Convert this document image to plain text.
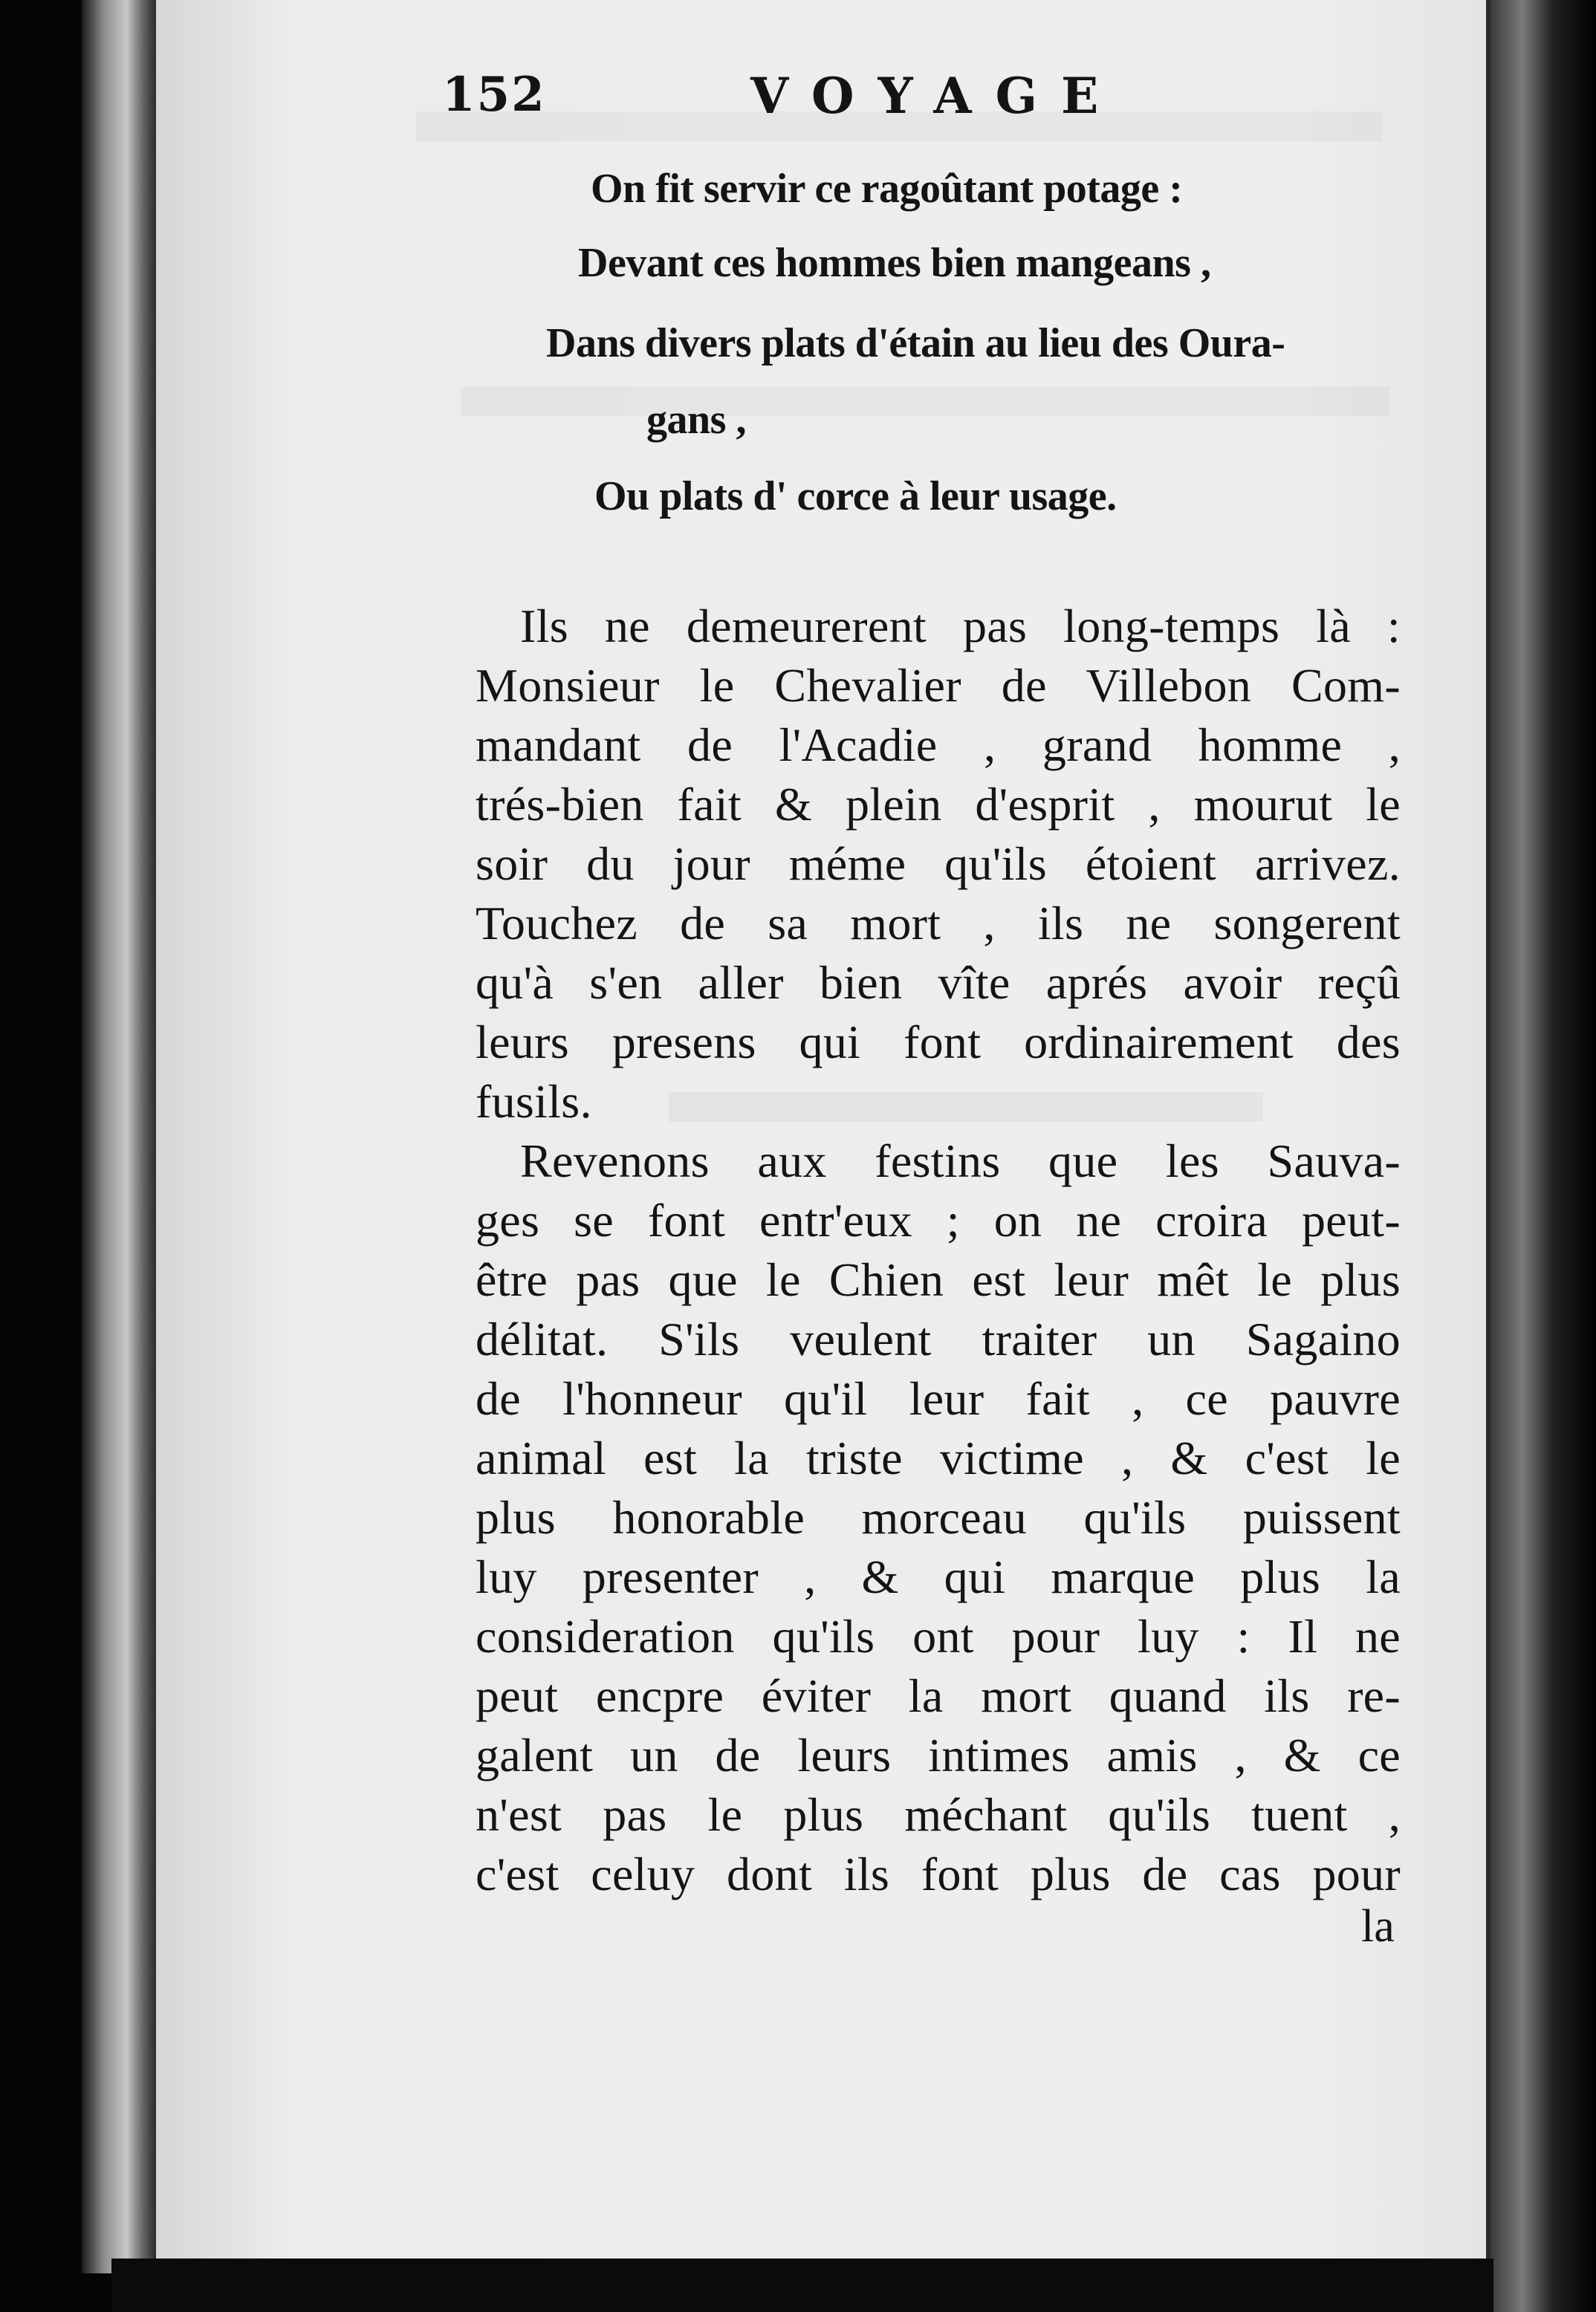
152	VOYAGE
On fit servir ce ragoûtant potage :
Devant ces hommes bien mangeans ,
Dans divers plats d'étain au lieu des Oura-
gans ,
Ou plats d' corce à leur usage.
Ils ne demeurerent pas long-temps là :
Monsieur le Chevalier de Villebon Com-
mandant de l'Acadie , grand homme ,
trés-bien fait & plein d'esprit , mourut le
soir du jour méme qu'ils étoient arrivez.
Touchez de sa mort , ils ne songerent
qu'à s'en aller bien vîte aprés avoir reçû
leurs presens qui font ordinairement des
fusils.
Revenons aux festins que les Sauva-
ges se font entr'eux ; on ne croira peut-
être pas que le Chien est leur mêt le plus
délitat. S'ils veulent traiter un Sagaino
de l'honneur qu'il leur fait , ce pauvre
animal est la triste victime , & c'est le
plus honorable morceau qu'ils puissent
luy presenter , & qui marque plus la
consideration qu'ils ont pour luy : Il ne
peut encpre éviter la mort quand ils re-
galent un de leurs intimes amis , & ce
n'est pas le plus méchant qu'ils tuent ,
c'est celuy dont ils font plus de cas pour
la
